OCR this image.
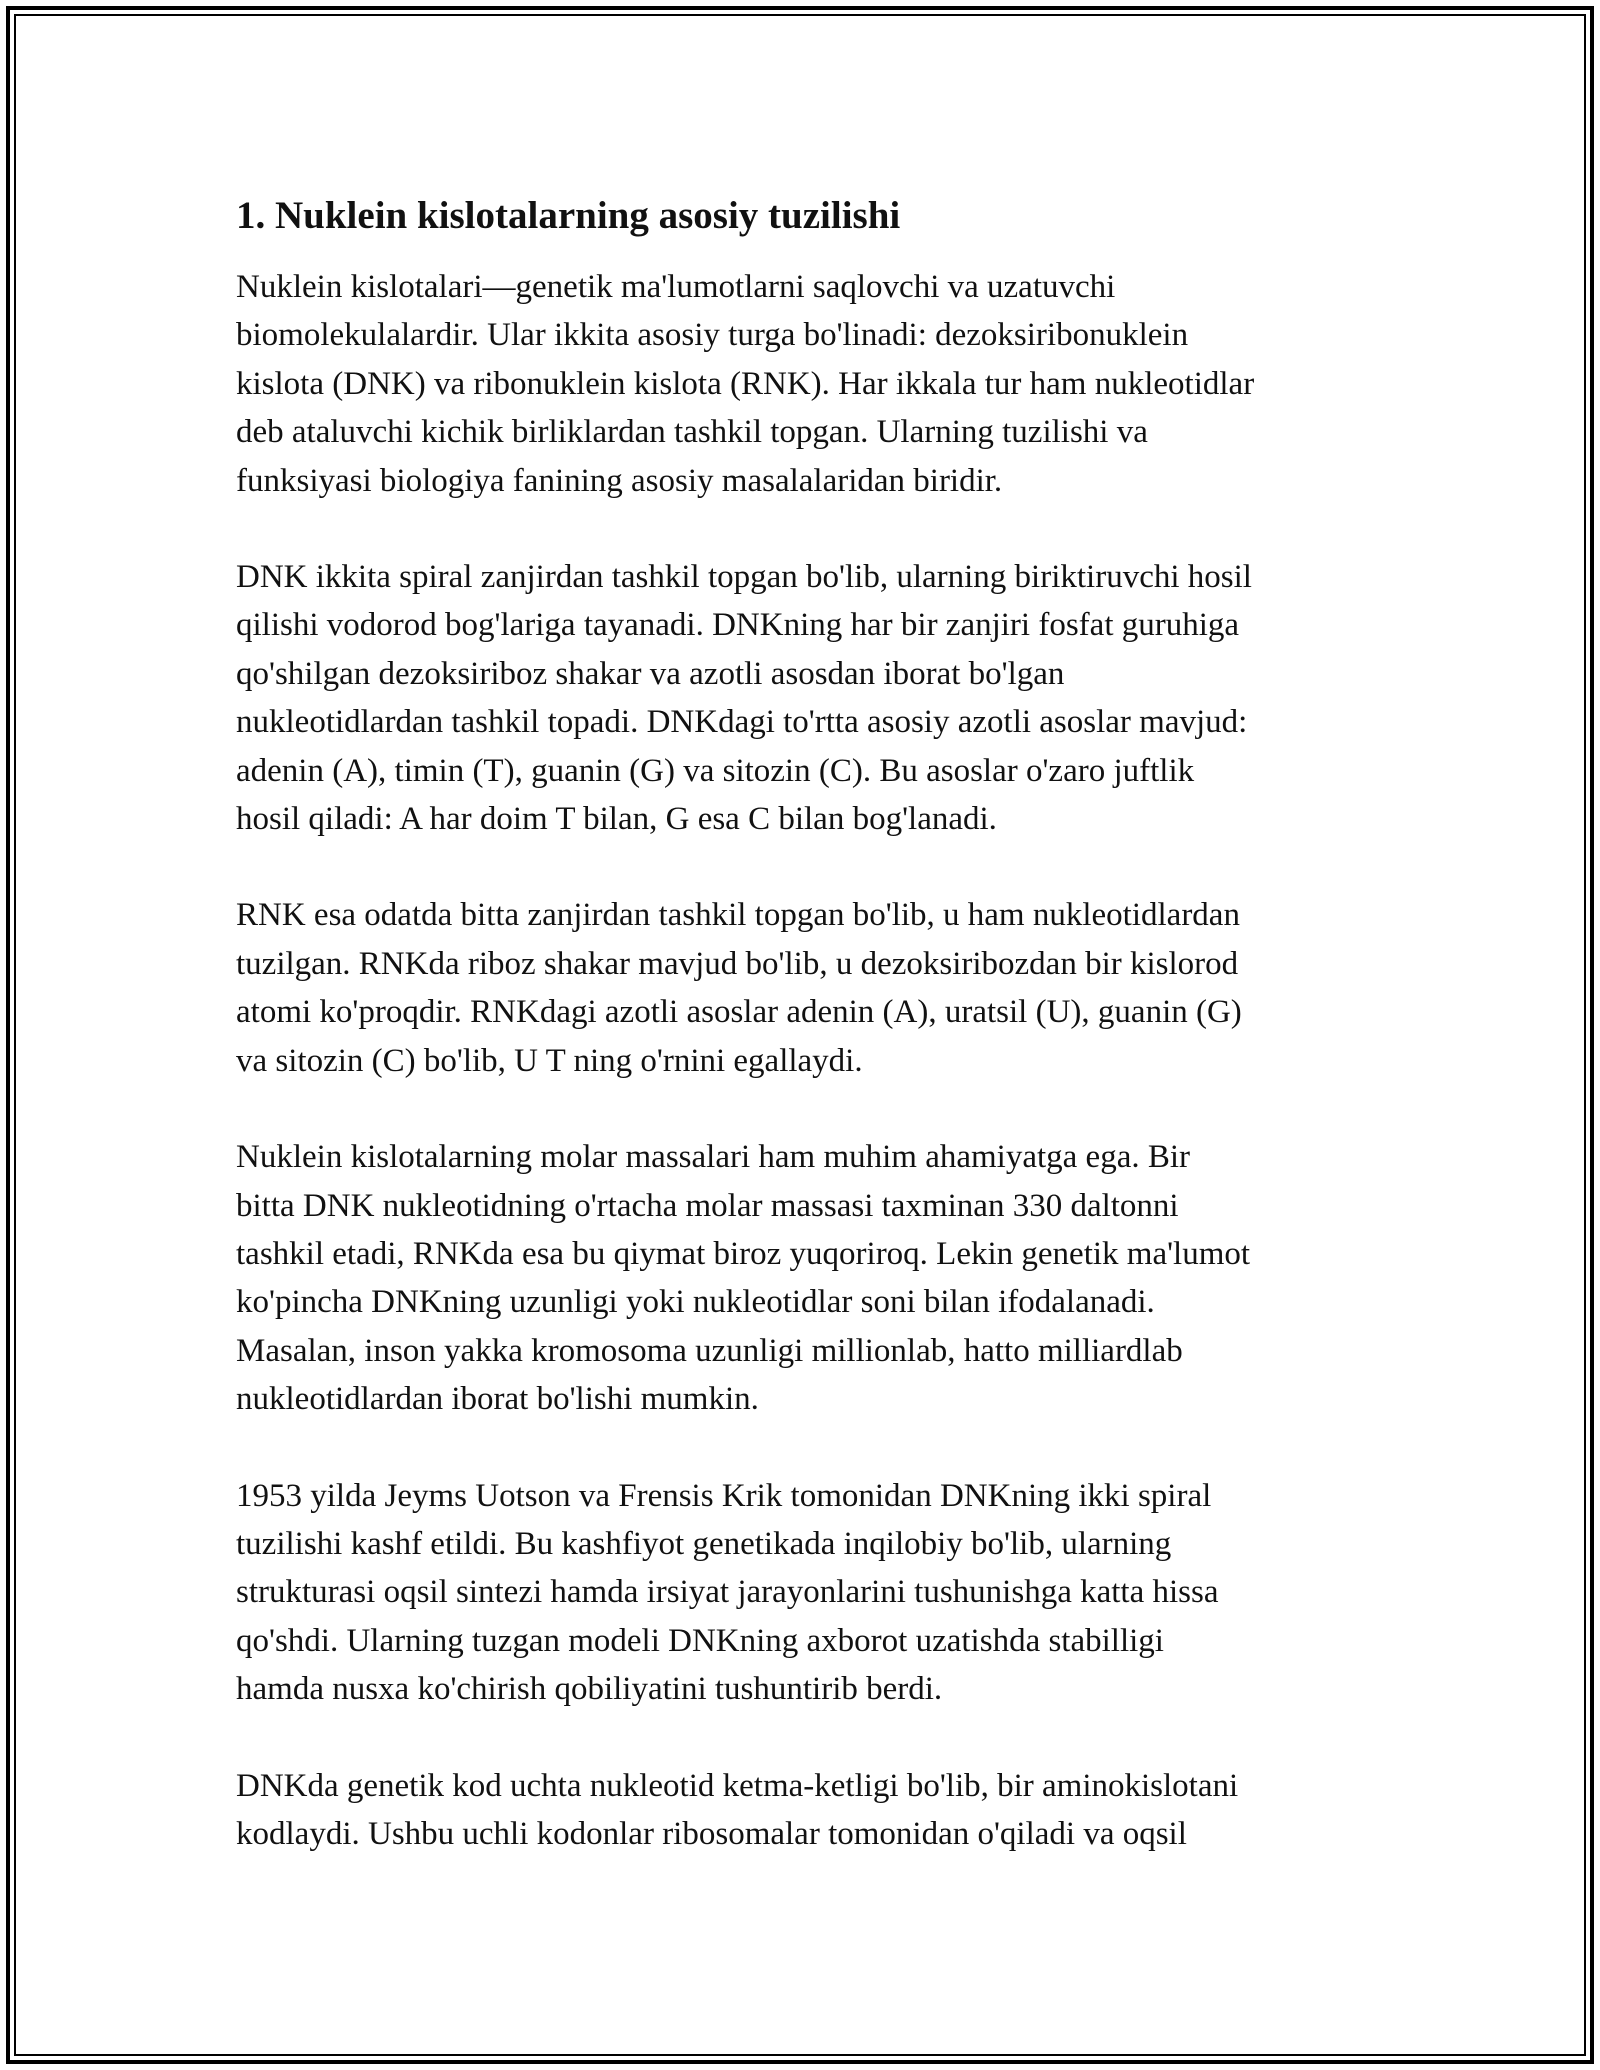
1. Nuklein kislotalarning asosiy tuzilishi

Nuklein kislotalari—genetik ma'lumotlarni saqlovchi va uzatuvchi
biomolekulalardir. Ular ikkita asosiy turga bo'linadi: dezoksiribonuklein
kislota (DNK) va ribonuklein kislota (RNK). Har ikkala tur ham nukleotidlar
deb ataluvchi kichik birliklardan tashkil topgan. Ularning tuzilishi va
funksiyasi biologiya fanining asosiy masalalaridan biridir.

DNK ikkita spiral zanjirdan tashkil topgan bo'lib, ularning biriktiruvchi hosil
qilishi vodorod bog'lariga tayanadi. DNKning har bir zanjiri fosfat guruhiga
qo'shilgan dezoksiriboz shakar va azotli asosdan iborat bo'lgan
nukleotidlardan tashkil topadi. DNKdagi to'rtta asosiy azotli asoslar mavjud:
adenin (A), timin (T), guanin (G) va sitozin (C). Bu asoslar o'zaro juftlik
hosil qiladi: A har doim T bilan, G esa C bilan bog'lanadi.

RNK esa odatda bitta zanjirdan tashkil topgan bo'lib, u ham nukleotidlardan
tuzilgan. RNKda riboz shakar mavjud bo'lib, u dezoksiribozdan bir kislorod
atomi ko'proqdir. RNKdagi azotli asoslar adenin (A), uratsil (U), guanin (G)
va sitozin (C) bo'lib, U T ning o'rnini egallaydi.

Nuklein kislotalarning molar massalari ham muhim ahamiyatga ega. Bir
bitta DNK nukleotidning o'rtacha molar massasi taxminan 330 daltonni
tashkil etadi, RNKda esa bu qiymat biroz yuqoriroq. Lekin genetik ma'lumot
ko'pincha DNKning uzunligi yoki nukleotidlar soni bilan ifodalanadi.
Masalan, inson yakka kromosoma uzunligi millionlab, hatto milliardlab
nukleotidlardan iborat bo'lishi mumkin.

1953 yilda Jeyms Uotson va Frensis Krik tomonidan DNKning ikki spiral
tuzilishi kashf etildi. Bu kashfiyot genetikada inqilobiy bo'lib, ularning
strukturasi oqsil sintezi hamda irsiyat jarayonlarini tushunishga katta hissa
qo'shdi. Ularning tuzgan modeli DNKning axborot uzatishda stabilligi
hamda nusxa ko'chirish qobiliyatini tushuntirib berdi.

DNKda genetik kod uchta nukleotid ketma-ketligi bo'lib, bir aminokislotani
kodlaydi. Ushbu uchli kodonlar ribosomalar tomonidan o'qiladi va oqsil
